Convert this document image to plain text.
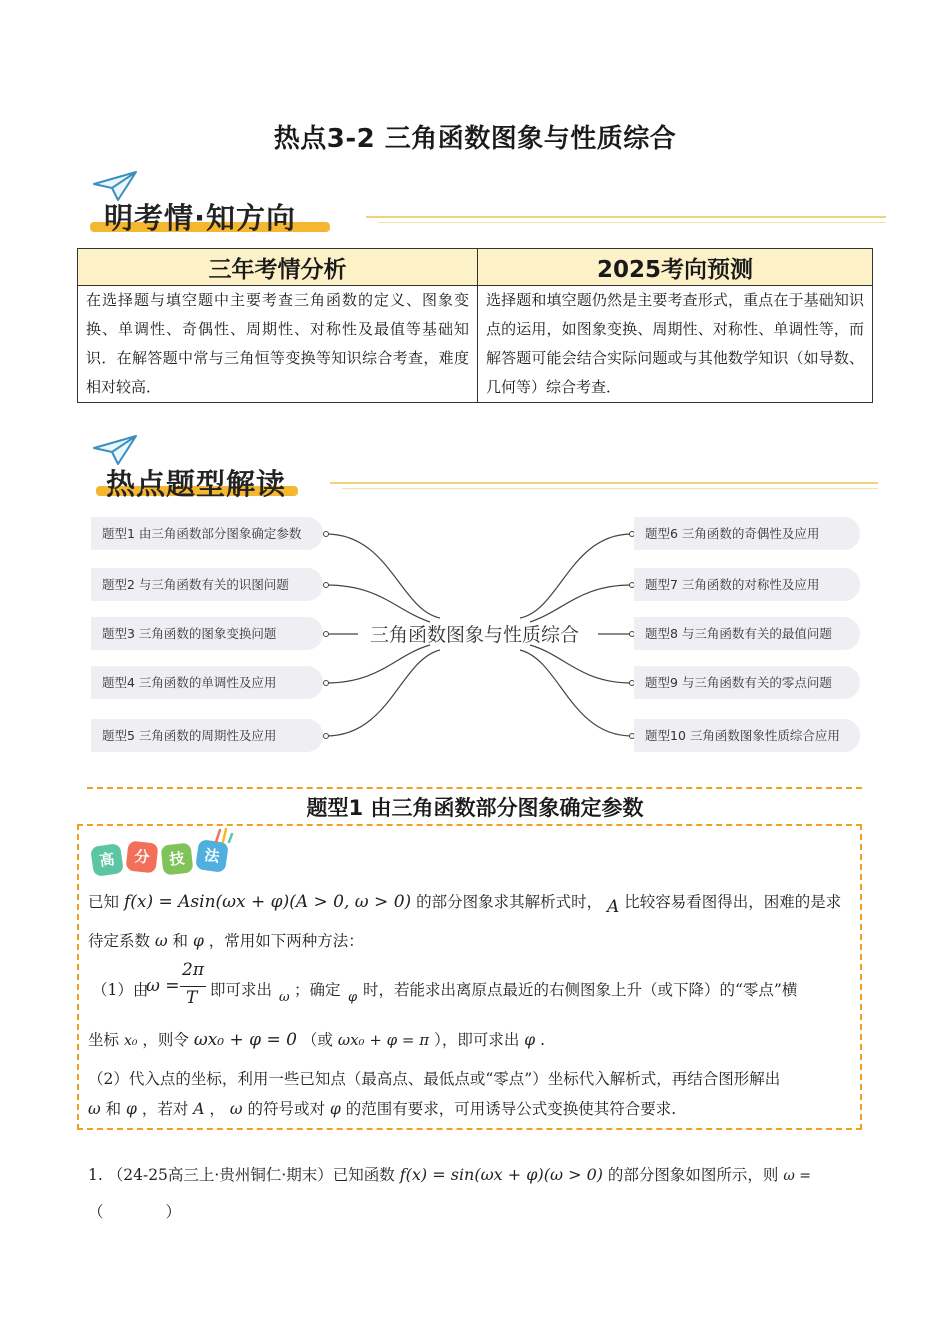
热点3-2 三角函数图象与性质综合
明考情·知方向
三年考情分析	2025考向预测
在选择题与填空题中主要考查三角函数的定义、图象变换、单调性、奇偶性、周期性、对称性及最值等基础知识．在解答题中常与三角恒等变换等知识综合考查，难度相对较高．	选择题和填空题仍然是主要考查形式，重点在于基础知识点的运用，如图象变换、周期性、对称性、单调性等，而解答题可能会结合实际问题或与其他数学知识（如导数、几何等）综合考查．
热点题型解读
题型1 由三角函数部分图象确定参数
题型2 与三角函数有关的识图问题
题型3 三角函数的图象变换问题
题型4 三角函数的单调性及应用
题型5 三角函数的周期性及应用
三角函数图象与性质综合
题型6 三角函数的奇偶性及应用
题型7 三角函数的对称性及应用
题型8 与三角函数有关的最值问题
题型9 与三角函数有关的零点问题
题型10 三角函数图象性质综合应用
题型1 由三角函数部分图象确定参数
高	分	技	法
已知 f(x) = Asin(ωx + φ)(A > 0, ω > 0) 的部分图象求其解析式时， A 比较容易看图得出，困难的是求
待定系数 ω 和 φ ，常用如下两种方法：
（1）由
ω =
2π
T 即可求出 ω ；确定 φ 时，若能求出离原点最近的右侧图象上升（或下降）的“零点”横
坐标 x₀ ，则令 ωx₀ + φ = 0 （或 ωx₀ + φ = π ），即可求出 φ .
（2）代入点的坐标，利用一些已知点（最高点、最低点或“零点”）坐标代入解析式，再结合图形解出
ω 和 φ ，若对 A ， ω 的符号或对 φ 的范围有要求，可用诱导公式变换使其符合要求.
1. （24-25高三上·贵州铜仁·期末）已知函数 f(x) = sin(ωx + φ)(ω > 0) 的部分图象如图所示，则 ω =
（　　　　）
